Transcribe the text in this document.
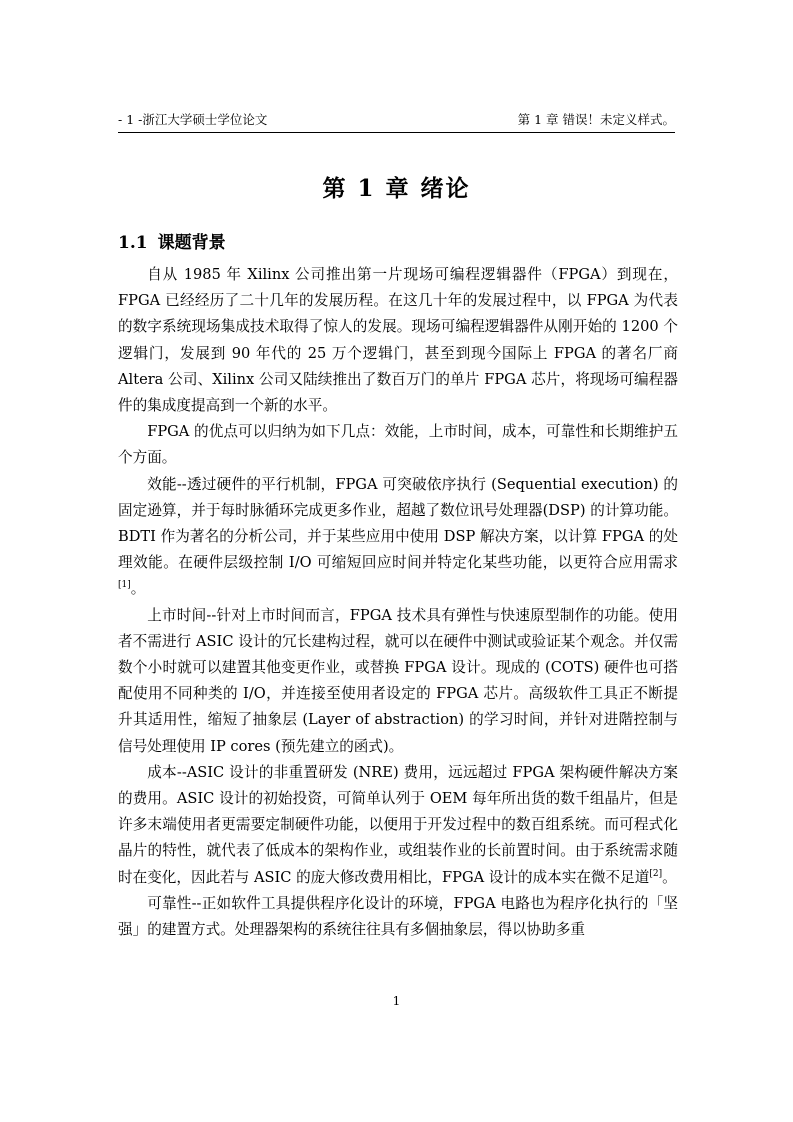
- 1 -浙江大学硕士学位论文	第 1 章 错误！未定义样式。
第 1 章 绪论
1.1 课题背景

自从 1985 年 Xilinx 公司推出第一片现场可编程逻辑器件（FPGA）到现在，FPGA 已经经历了二十几年的发展历程。在这几十年的发展过程中，以 FPGA 为代表的数字系统现场集成技术取得了惊人的发展。现场可编程逻辑器件从刚开始的 1200 个逻辑门，发展到 90 年代的 25 万个逻辑门，甚至到现今国际上 FPGA 的著名厂商 Altera 公司、Xilinx 公司又陆续推出了数百万门的单片 FPGA 芯片，将现场可编程器件的集成度提高到一个新的水平。

FPGA 的优点可以归纳为如下几点：效能，上市时间，成本，可靠性和长期维护五个方面。

效能--透过硬件的平行机制，FPGA 可突破依序执行 (Sequential execution) 的固定逊算，并于每时脉循环完成更多作业，超越了数位讯号处理器(DSP) 的计算功能。BDTI 作为著名的分析公司，并于某些应用中使用 DSP 解决方案，以计算 FPGA 的处理效能。在硬件层级控制 I/O 可缩短回应时间并特定化某些功能，以更符合应用需求[1]。

上市时间--针对上市时间而言，FPGA 技术具有弹性与快速原型制作的功能。使用者不需进行 ASIC 设计的冗长建构过程，就可以在硬件中测试或验证某个观念。并仅需数个小时就可以建置其他变更作业，或替换 FPGA 设计。现成的 (COTS) 硬件也可搭配使用不同种类的 I/O，并连接至使用者设定的 FPGA 芯片。高级软件工具正不断提升其适用性，缩短了抽象层 (Layer of abstraction) 的学习时间，并针对进階控制与信号处理使用 IP cores (预先建立的函式)。

成本--ASIC 设计的非重置研发 (NRE) 费用，远远超过 FPGA 架构硬件解决方案的费用。ASIC 设计的初始投资，可简单认列于 OEM 每年所出货的数千组晶片，但是许多末端使用者更需要定制硬件功能，以便用于开发过程中的数百组系统。而可程式化晶片的特性，就代表了低成本的架构作业，或组装作业的长前置时间。由于系统需求随时在变化，因此若与 ASIC 的庞大修改费用相比，FPGA 设计的成本实在微不足道[2]。

可靠性--正如软件工具提供程序化设计的环境，FPGA 电路也为程序化执行的「坚强」的建置方式。处理器架构的系统往往具有多個抽象层，得以协助多重

1
